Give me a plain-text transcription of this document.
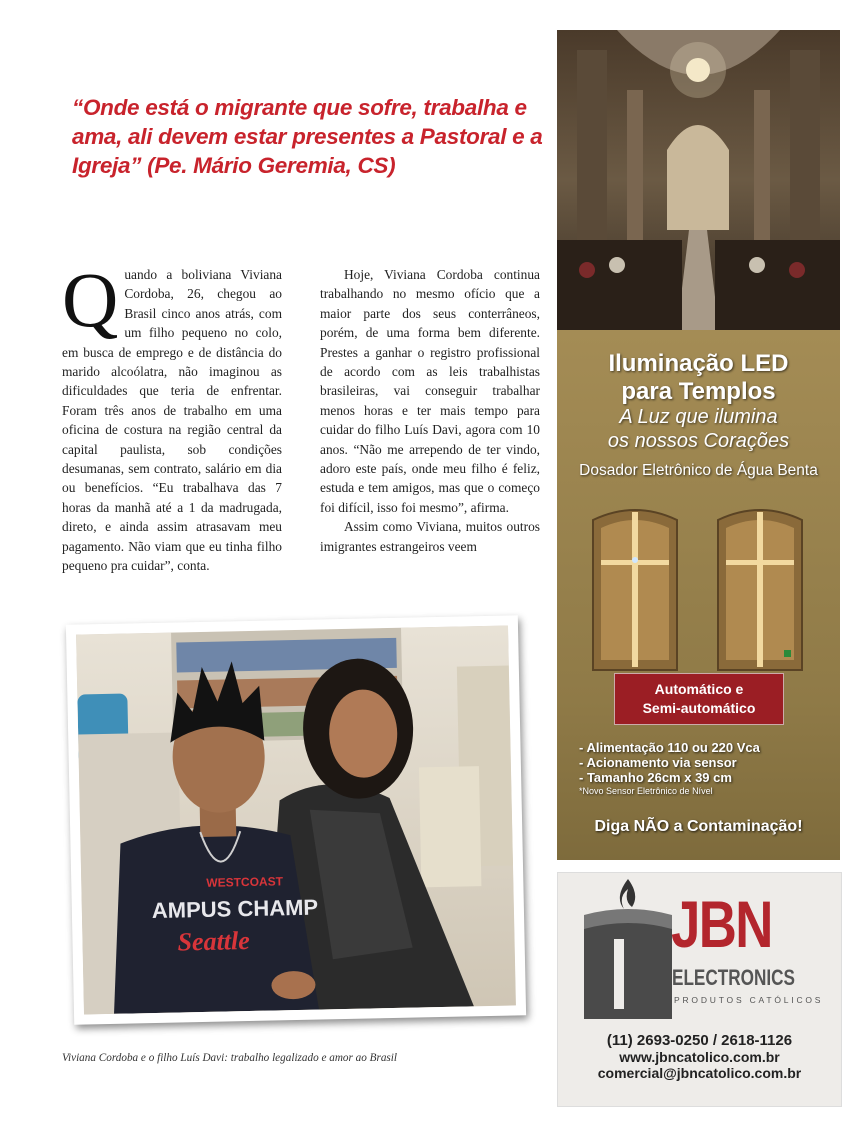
“Onde está o migrante que sofre, trabalha e ama, ali devem estar presentes a Pastoral e a Igreja” (Pe. Mário Geremia, CS)

Quando a boliviana Viviana Cordoba, 26, chegou ao Brasil cinco anos atrás, com um filho pequeno no colo, em busca de emprego e de distância do marido alcoólatra, não imaginou as dificuldades que teria de enfrentar. Foram três anos de trabalho em uma oficina de costura na região central da capital paulista, sob condições desumanas, sem contrato, salário em dia ou benefícios. “Eu trabalhava das 7 horas da manhã até a 1 da madrugada, direto, e ainda assim atrasavam meu pagamento. Não viam que eu tinha filho pequeno pra cuidar”, conta.

Hoje, Viviana Cordoba continua trabalhando no mesmo ofício que a maior parte dos seus conterrâneos, porém, de uma forma bem diferente. Prestes a ganhar o registro profissional de acordo com as leis trabalhistas brasileiras, vai conseguir trabalhar menos horas e ter mais tempo para cuidar do filho Luís Davi, agora com 10 anos. “Não me arrependo de ter vindo, adoro este país, onde meu filho é feliz, estuda e tem amigos, mas que o começo foi difícil, isso foi mesmo”, afirma.

Assim como Viviana, muitos outros imigrantes estrangeiros veem

WESTCOAST
AMPUS CHAMP
Seattle

Viviana Cordoba e o filho Luís Davi: trabalho legalizado e amor ao Brasil

Iluminação LED
para Templos

A Luz que ilumina
os nossos Corações

Dosador Eletrônico de Água Benta

Automático e
Semi-automático

- Alimentação 110 ou 220 Vca
- Acionamento via sensor
- Tamanho 26cm x 39 cm
*Novo Sensor Eletrônico de Nível

Diga NÃO a Contaminação!

JBN

ELECTRONICS

PRODUTOS CATÓLICOS

(11) 2693-0250 / 2618-1126
www.jbncatolico.com.br
comercial@jbncatolico.com.br
